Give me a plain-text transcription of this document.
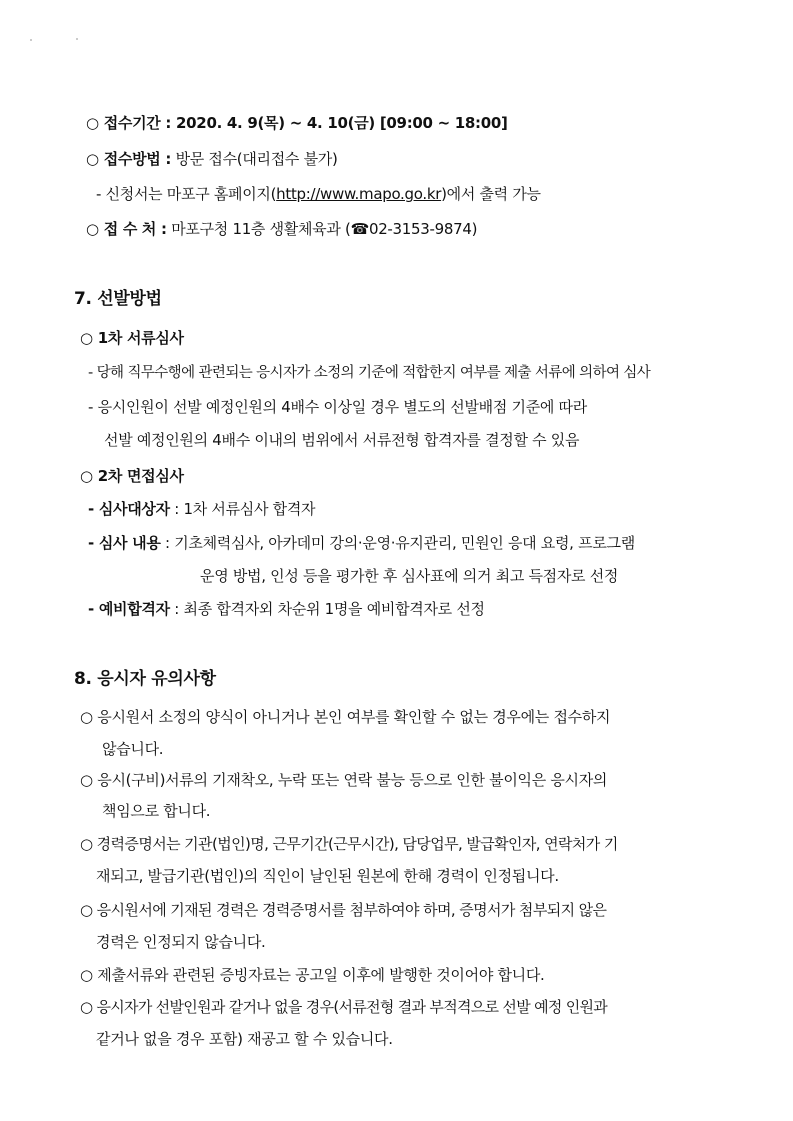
○ 접수기간 : 2020. 4. 9(목) ~ 4. 10(금) [09:00 ~ 18:00]
○ 접수방법 : 방문 접수(대리접수 불가)
- 신청서는 마포구 홈페이지(http://www.mapo.go.kr)에서 출력 가능
○ 접 수 처 : 마포구청 11층 생활체육과 (☎02-3153-9874)
7. 선발방법
○ 1차 서류심사
- 당해 직무수행에 관련되는 응시자가 소정의 기준에 적합한지 여부를 제출 서류에 의하여 심사
- 응시인원이 선발 예정인원의 4배수 이상일 경우 별도의 선발배점 기준에 따라
선발 예정인원의 4배수 이내의 범위에서 서류전형 합격자를 결정할 수 있음
○ 2차 면접심사
- 심사대상자 : 1차 서류심사 합격자
- 심사 내용 : 기초체력심사, 아카데미 강의·운영·유지관리, 민원인 응대 요령, 프로그램
운영 방법, 인성 등을 평가한 후 심사표에 의거 최고 득점자로 선정
- 예비합격자 : 최종 합격자외 차순위 1명을 예비합격자로 선정
8. 응시자 유의사항
○ 응시원서 소정의 양식이 아니거나 본인 여부를 확인할 수 없는 경우에는 접수하지
않습니다.
○ 응시(구비)서류의 기재착오, 누락 또는 연락 불능 등으로 인한 불이익은 응시자의
책임으로 합니다.
○ 경력증명서는 기관(법인)명, 근무기간(근무시간), 담당업무, 발급확인자, 연락처가 기
재되고, 발급기관(법인)의 직인이 날인된 원본에 한해 경력이 인정됩니다.
○ 응시원서에 기재된 경력은 경력증명서를 첨부하여야 하며, 증명서가 첨부되지 않은
경력은 인정되지 않습니다.
○ 제출서류와 관련된 증빙자료는 공고일 이후에 발행한 것이어야 합니다.
○ 응시자가 선발인원과 같거나 없을 경우(서류전형 결과 부적격으로 선발 예정 인원과
같거나 없을 경우 포함) 재공고 할 수 있습니다.
